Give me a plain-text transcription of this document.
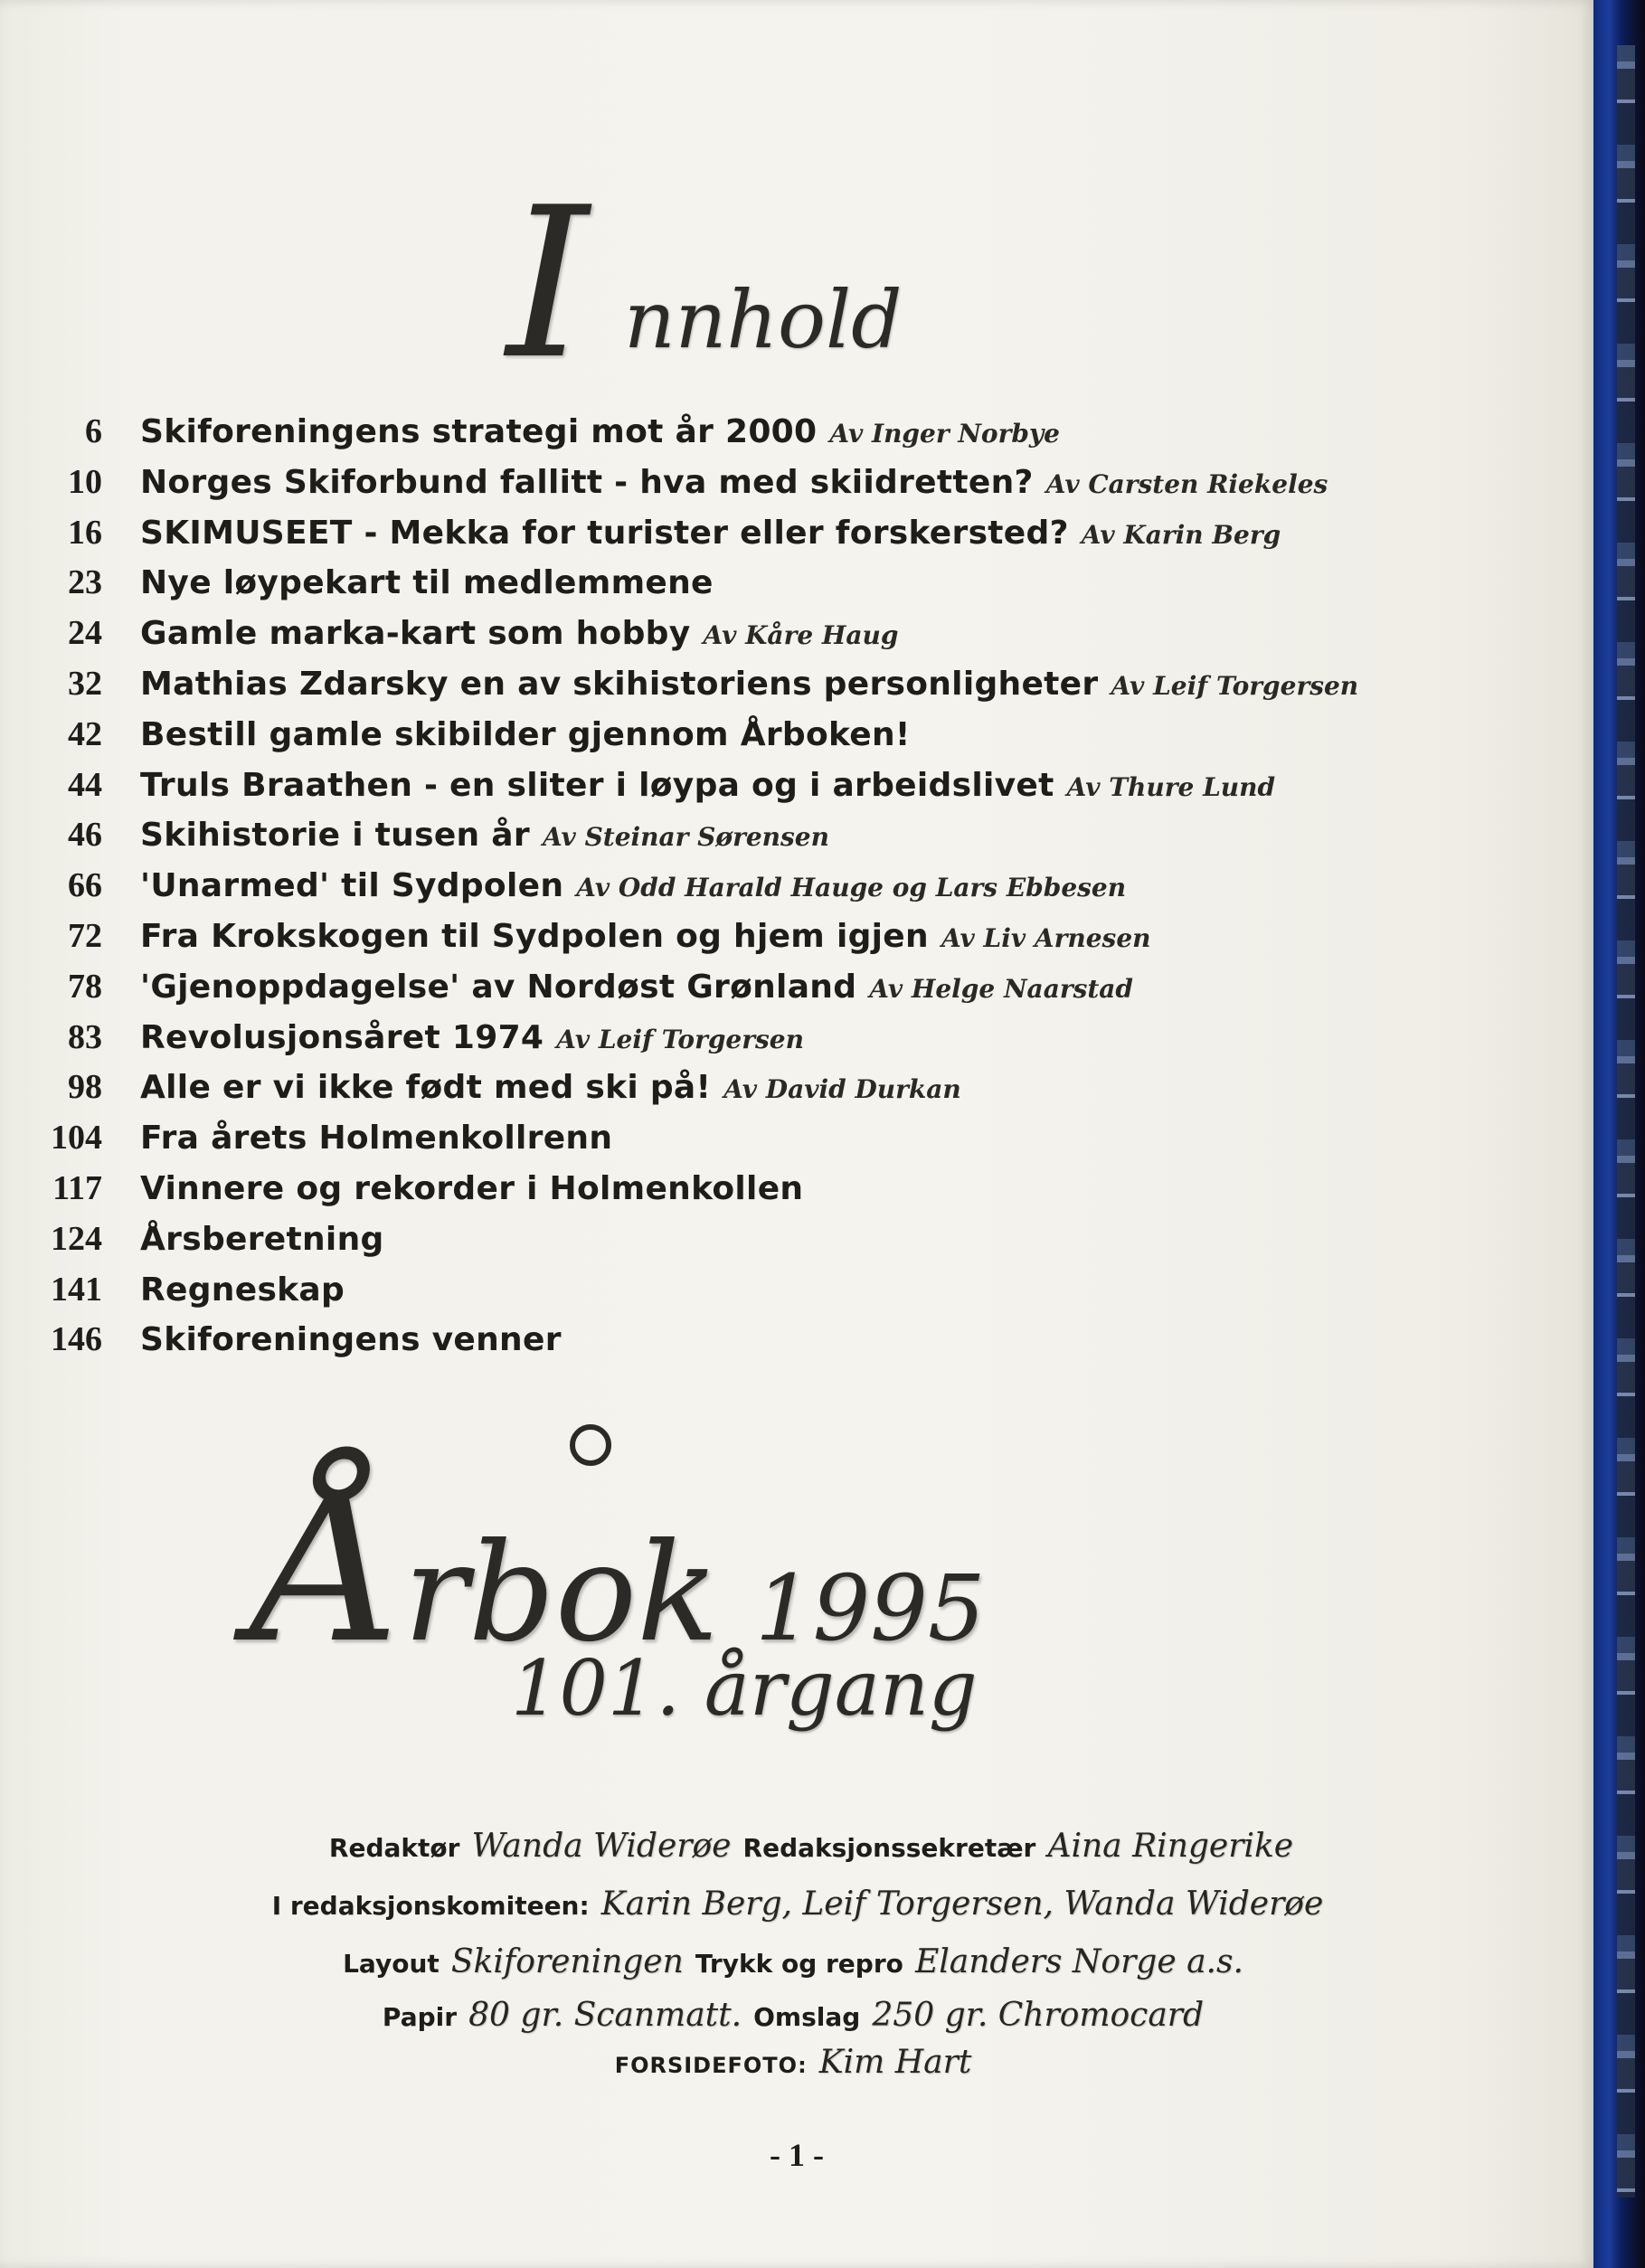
I nnhold
6	Skiforeningens strategi mot år 2000 Av Inger Norbye
10	Norges Skiforbund fallitt - hva med skiidretten? Av Carsten Riekeles
16	SKIMUSEET - Mekka for turister eller forskersted? Av Karin Berg
23	Nye løypekart til medlemmene
24	Gamle marka-kart som hobby Av Kåre Haug
32	Mathias Zdarsky en av skihistoriens personligheter Av Leif Torgersen
42	Bestill gamle skibilder gjennom Årboken!
44	Truls Braathen - en sliter i løypa og i arbeidslivet Av Thure Lund
46	Skihistorie i tusen år Av Steinar Sørensen
66	'Unarmed' til Sydpolen Av Odd Harald Hauge og Lars Ebbesen
72	Fra Krokskogen til Sydpolen og hjem igjen Av Liv Arnesen
78	'Gjenoppdagelse' av Nordøst Grønland Av Helge Naarstad
83	Revolusjonsåret 1974 Av Leif Torgersen
98	Alle er vi ikke født med ski på! Av David Durkan
104	Fra årets Holmenkollrenn
117	Vinnere og rekorder i Holmenkollen
124	Årsberetning
141	Regneskap
146	Skiforeningens venner
Årbok 1995
101. årgang
Redaktør Wanda Widerøe Redaksjonssekretær Aina Ringerike
I redaksjonskomiteen: Karin Berg, Leif Torgersen, Wanda Widerøe
Layout Skiforeningen Trykk og repro Elanders Norge a.s.
Papir 80 gr. Scanmatt. Omslag 250 gr. Chromocard
FORSIDEFOTO: Kim Hart
- 1 -
